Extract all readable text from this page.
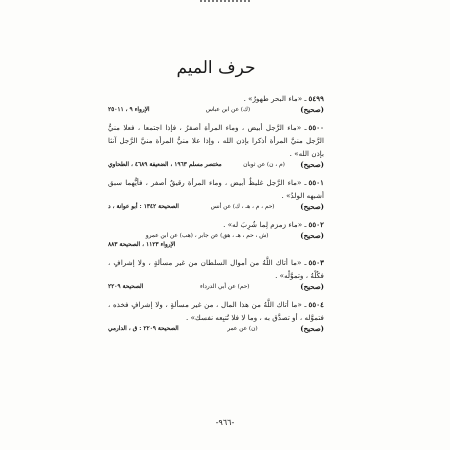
حرف الميم
٥٤٩٩ـ «ماء البحر طهورٌ» .
(صحيح)
(ك) عن ابن عباس
الإرواء ٩ ، ٢٥٠١١
٥٥٠٠ـ «ماء الرَّجل أبيض ، وماء المرأة أصفرُ ، فإذا اجتمعا ، فعلا منيُّ الرَّجل منيَّ المرأة أذكرا بإذن الله ، وإذا علا منيُّ المرأة منيَّ الرَّجل آنثا بإذن الله» .
(صحيح)
(م ، ن) عن ثوبان
مختصر مسلم ١٩٦٣ ، الضعيفة ٤٦٨٩ ، الطحاوي
٥٥٠١ـ «ماء الرَّجل غليظٌ أبيض ، وماء المرأة رقيقٌ أصفر ، فأيُّهما سبق أشبهه الولدُ» .
(صحيح)
(حم ، م ، هـ ، ك) عن أنس
الصحيحة ١٣٤٢ : أبو عوانة ، د
٥٥٠٢ـ «ماء زمزم لِما شُرِبَ له» .
(صحيح)
(ش ، حم ، هـ ، هق) عن جابر ، (هب) عن ابن عمرو
الإرواء ١١٢٣ ، الصحيحة ٨٨٣
٥٥٠٣ـ «ما أتاك اللَّهُ من أموال السلطان من غير مسألةٍ ، ولا إشرافٍ ، فكُلْهُ ، وتموَّلْه» .
(صحيح)
(حم) عن أبي الدرداء
الصحيحة ٢٢٠٩
٥٥٠٤ـ «ما أتاك اللَّهُ من هذا المال ، من غير مسألةٍ ، ولا إشرافٍ فخذه ، فتموَّله ، أو تصدَّق به ، وما لا فلا تُتبِعه نفسك» .
(صحيح)
(ن) عن عمر
الصحيحة ٢٢٠٩ : ق ، الدارمي
-٩٦٦-
